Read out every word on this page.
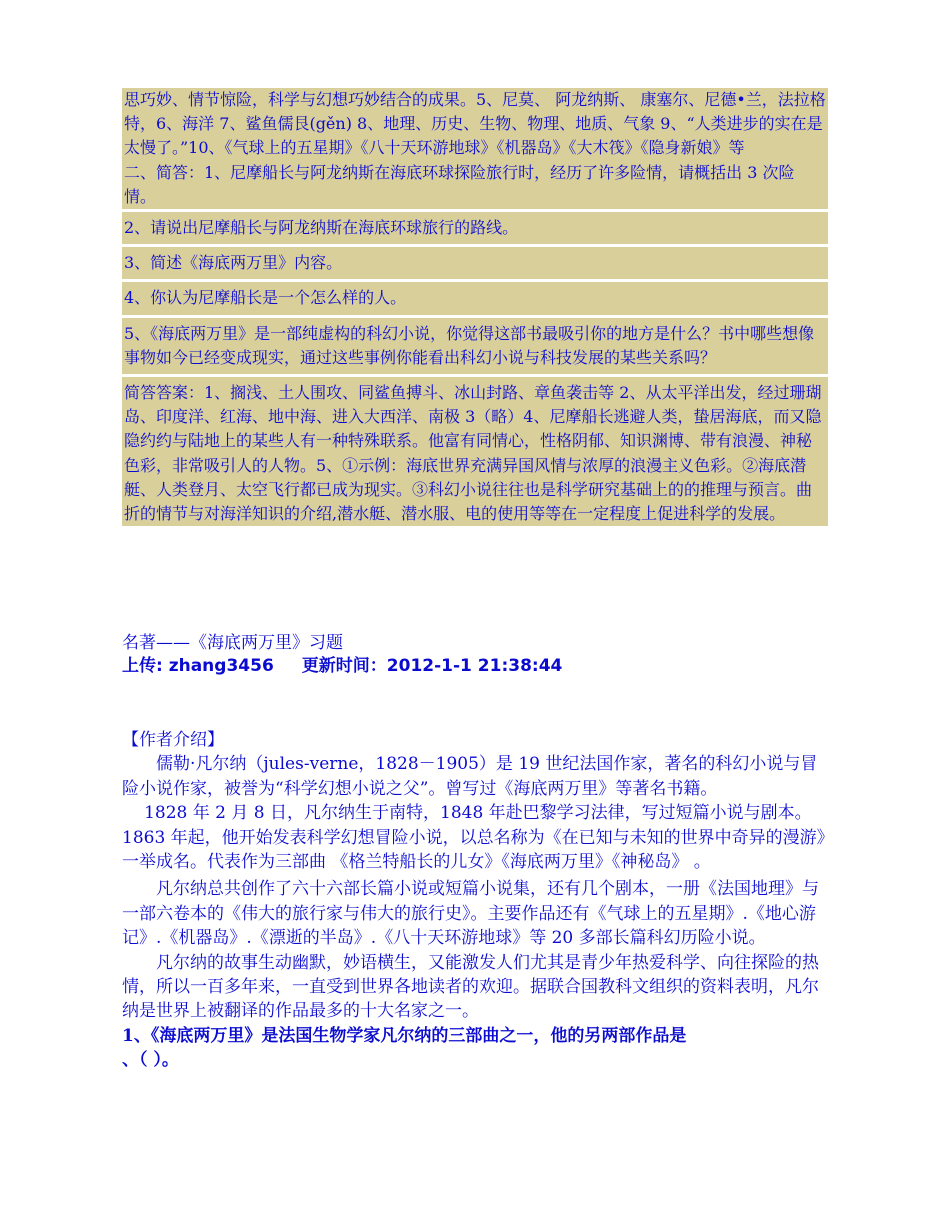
思巧妙、情节惊险，科学与幻想巧妙结合的成果。5、尼莫、 阿龙纳斯、 康塞尔、尼德•兰，法拉格特，6、海洋 7、鲨鱼儒艮(gěn) 8、地理、历史、生物、物理、地质、气象 9、“人类进步的实在是太慢了。”10、《气球上的五星期》《八十天环游地球》《机器岛》《大木筏》《隐身新娘》等

二、简答：1、尼摩船长与阿龙纳斯在海底环球探险旅行时，经历了许多险情，请概括出 3 次险情。

2、请说出尼摩船长与阿龙纳斯在海底环球旅行的路线。

3、简述《海底两万里》内容。

4、你认为尼摩船长是一个怎么样的人。

5、《海底两万里》是一部纯虚构的科幻小说，你觉得这部书最吸引你的地方是什么？书中哪些想像事物如今已经变成现实，通过这些事例你能看出科幻小说与科技发展的某些关系吗？

简答答案：1、搁浅、土人围攻、同鲨鱼搏斗、冰山封路、章鱼袭击等 2、从太平洋出发，经过珊瑚岛、印度洋、红海、地中海、进入大西洋、南极 3（略）4、尼摩船长逃避人类，蛰居海底，而又隐隐约约与陆地上的某些人有一种特殊联系。他富有同情心，性格阴郁、知识渊博、带有浪漫、神秘色彩，非常吸引人的人物。5、①示例：海底世界充满异国风情与浓厚的浪漫主义色彩。②海底潜艇、人类登月、太空飞行都已成为现实。③科幻小说往往也是科学研究基础上的的推理与预言。曲折的情节与对海洋知识的介绍,潜水艇、潜水服、电的使用等等在一定程度上促进科学的发展。

名著——《海底两万里》习题

上传: zhang3456 更新时间：2012-1-1 21:38:44

【作者介绍】

儒勒·凡尔纳（jules-verne，1828－1905）是 19 世纪法国作家，著名的科幻小说与冒险小说作家，被誉为“科学幻想小说之父”。曾写过《海底两万里》等著名书籍。

1828 年 2 月 8 日，凡尔纳生于南特，1848 年赴巴黎学习法律，写过短篇小说与剧本。1863 年起，他开始发表科学幻想冒险小说，以总名称为《在已知与未知的世界中奇异的漫游》一举成名。代表作为三部曲 《格兰特船长的儿女》《海底两万里》《神秘岛》 。

凡尔纳总共创作了六十六部长篇小说或短篇小说集，还有几个剧本，一册《法国地理》与一部六卷本的《伟大的旅行家与伟大的旅行史》。主要作品还有《气球上的五星期》.《地心游记》.《机器岛》.《漂逝的半岛》.《八十天环游地球》等 20 多部长篇科幻历险小说。

凡尔纳的故事生动幽默，妙语横生，又能激发人们尤其是青少年热爱科学、向往探险的热情，所以一百多年来，一直受到世界各地读者的欢迎。据联合国教科文组织的资料表明，凡尔纳是世界上被翻译的作品最多的十大名家之一。

1、《海底两万里》是法国生物学家凡尔纳的三部曲之一，他的另两部作品是

、（ ）。
